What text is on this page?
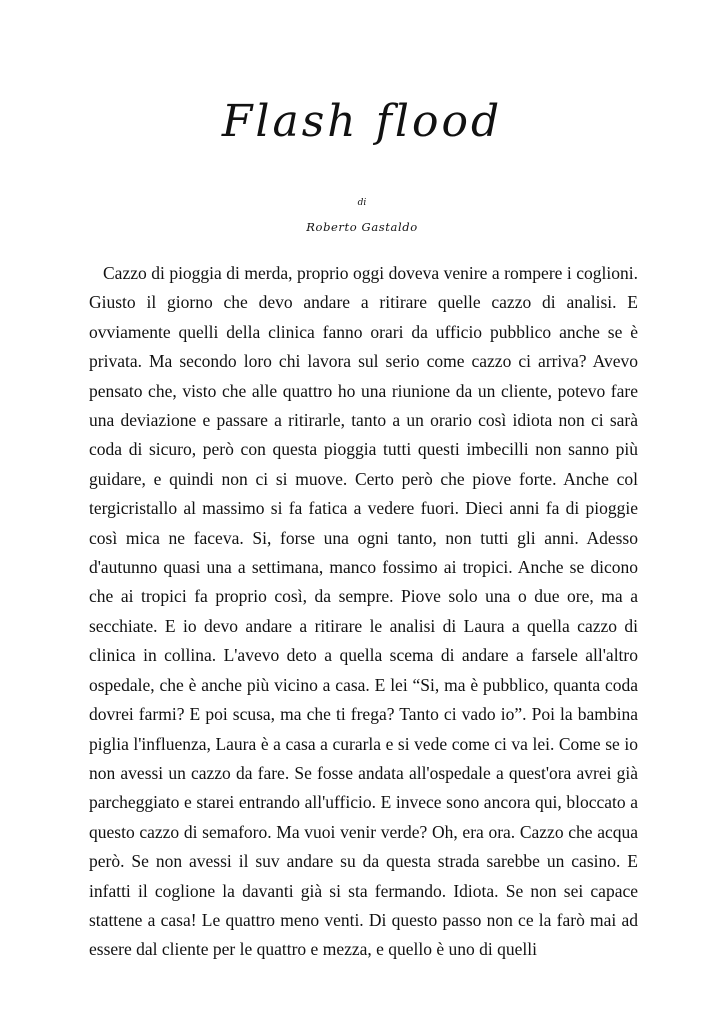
Flash flood

di

Roberto Gastaldo

Cazzo di pioggia di merda, proprio oggi doveva venire a rompere i coglioni. Giusto il giorno che devo andare a ritirare quelle cazzo di analisi. E ovviamente quelli della clinica fanno orari da ufficio pubblico anche se è privata. Ma secondo loro chi lavora sul serio come cazzo ci arriva? Avevo pensato che, visto che alle quattro ho una riunione da un cliente, potevo fare una deviazione e passare a ritirarle, tanto a un orario così idiota non ci sarà coda di sicuro, però con questa pioggia tutti questi imbecilli non sanno più guidare, e quindi non ci si muove. Certo però che piove forte. Anche col tergicristallo al massimo si fa fatica a vedere fuori. Dieci anni fa di pioggie così mica ne faceva. Si, forse una ogni tanto, non tutti gli anni. Adesso d'autunno quasi una a settimana, manco fossimo ai tropici. Anche se dicono che ai tropici fa proprio così, da sempre. Piove solo una o due ore, ma a secchiate. E io devo andare a ritirare le analisi di Laura a quella cazzo di clinica in collina. L'avevo deto a quella scema di andare a farsele all'altro ospedale, che è anche più vicino a casa. E lei “Si, ma è pubblico, quanta coda dovrei farmi? E poi scusa, ma che ti frega? Tanto ci vado io”. Poi la bambina piglia l'influenza, Laura è a casa a curarla e si vede come ci va lei. Come se io non avessi un cazzo da fare. Se fosse andata all'ospedale a quest'ora avrei già parcheggiato e starei entrando all'ufficio. E invece sono ancora qui, bloccato a questo cazzo di semaforo. Ma vuoi venir verde? Oh, era ora. Cazzo che acqua però. Se non avessi il suv andare su da questa strada sarebbe un casino. E infatti il coglione la davanti già si sta fermando. Idiota. Se non sei capace stattene a casa! Le quattro meno venti. Di questo passo non ce la farò mai ad essere dal cliente per le quattro e mezza, e quello è uno di quelli
